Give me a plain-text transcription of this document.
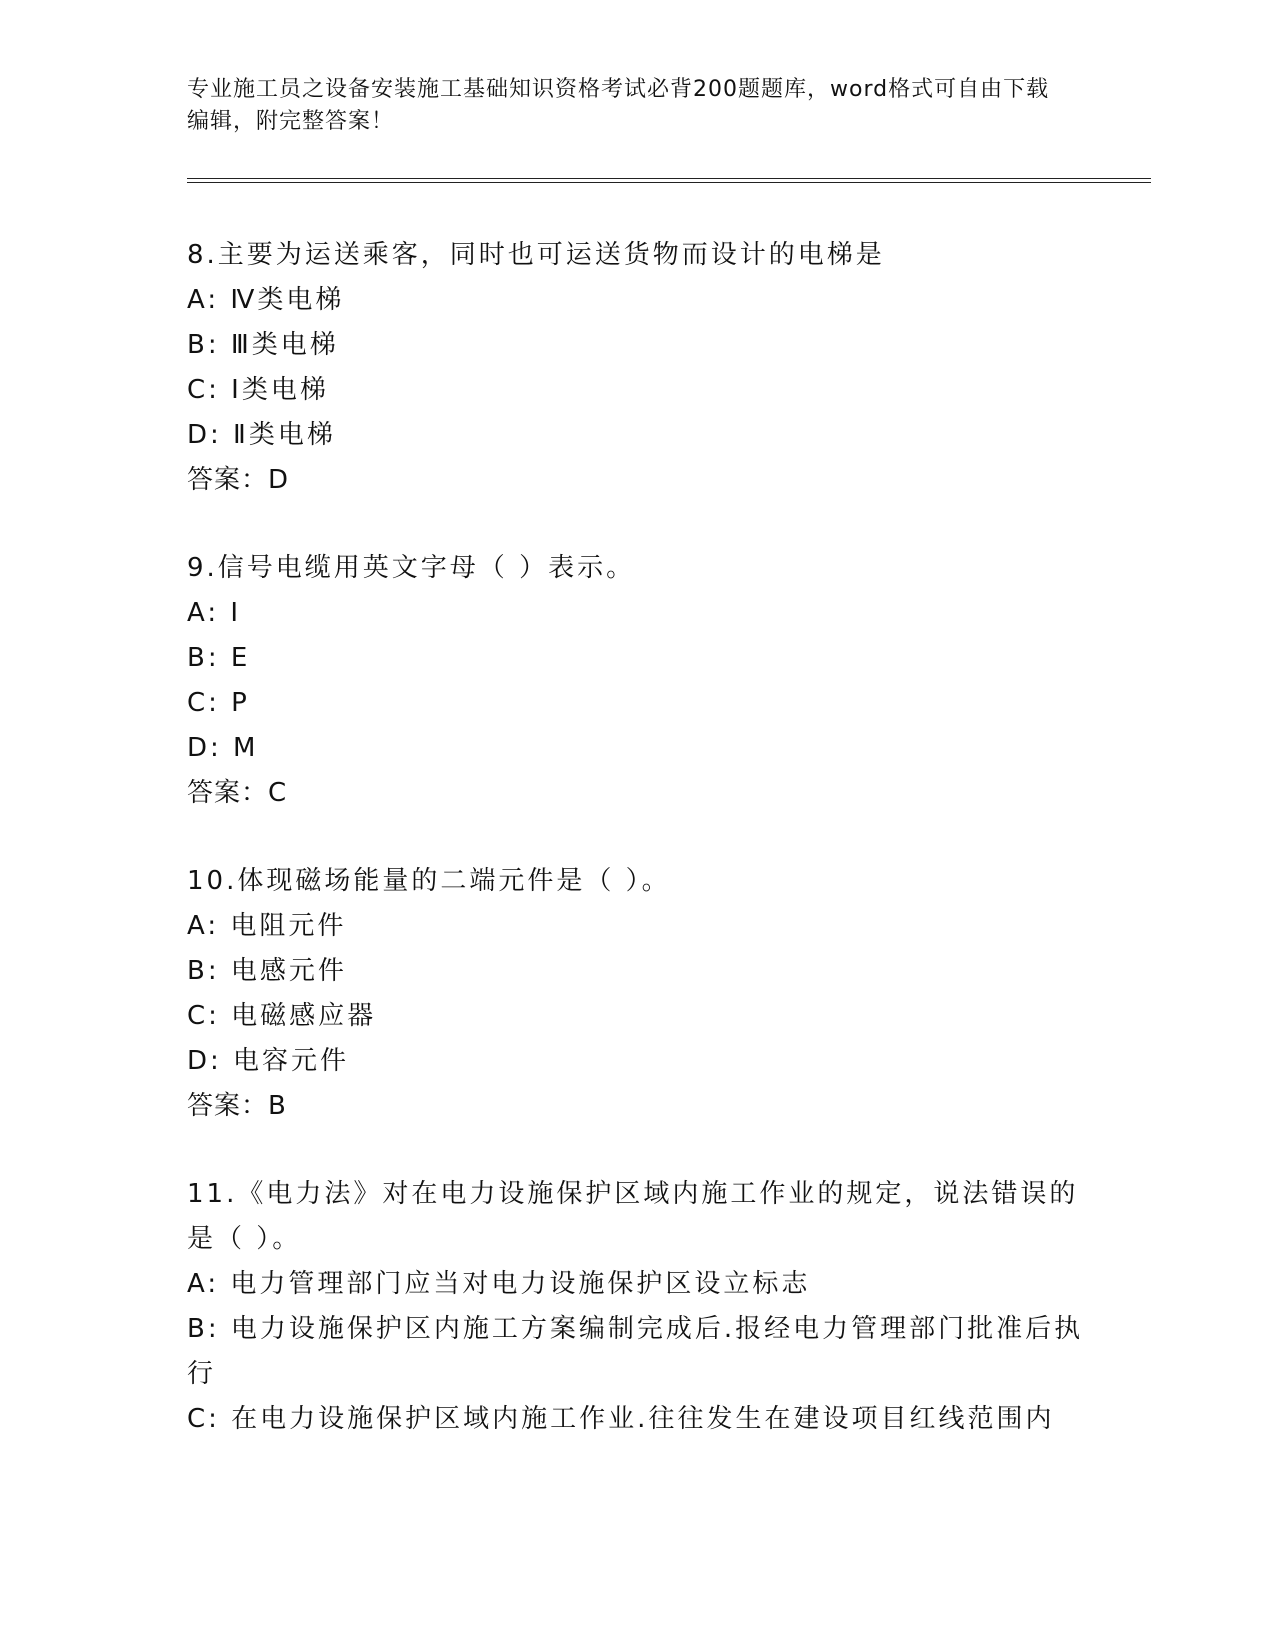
专业施工员之设备安装施工基础知识资格考试必背200题题库，word格式可自由下载编辑，附完整答案！

8.主要为运送乘客，同时也可运送货物而设计的电梯是

A: Ⅳ类电梯

B: Ⅲ类电梯

C: Ⅰ类电梯

D: Ⅱ类电梯

答案：D

9.信号电缆用英文字母（ ）表示。

A: I

B: E

C: P

D: M

答案：C

10.体现磁场能量的二端元件是（ ）。

A: 电阻元件

B: 电感元件

C: 电磁感应器

D: 电容元件

答案：B

11.《电力法》对在电力设施保护区域内施工作业的规定，说法错误的是（ ）。

A: 电力管理部门应当对电力设施保护区设立标志

B: 电力设施保护区内施工方案编制完成后.报经电力管理部门批准后执行

C: 在电力设施保护区域内施工作业.往往发生在建设项目红线范围内
